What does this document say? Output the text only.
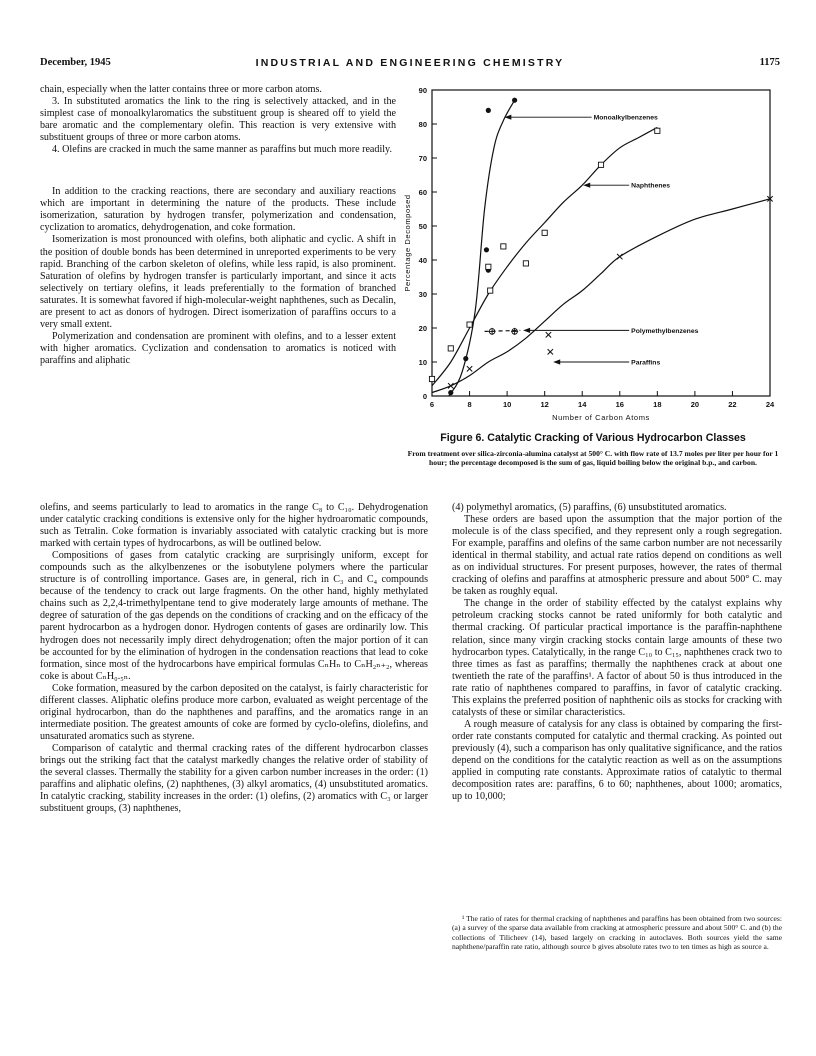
December, 1945	INDUSTRIAL AND ENGINEERING CHEMISTRY	1175

chain, especially when the latter contains three or more carbon atoms.

3. In substituted aromatics the link to the ring is selectively attacked, and in the simplest case of monoalkylaromatics the substituent group is sheared off to yield the bare aromatic and the complementary olefin. This reaction is very extensive with substituent groups of three or more carbon atoms.

4. Olefins are cracked in much the same manner as paraffins but much more readily.

In addition to the cracking reactions, there are secondary and auxiliary reactions which are important in determining the nature of the products. These include isomerization, saturation by hydrogen transfer, polymerization and condensation, cyclization to aromatics, dehydrogenation, and coke formation.

Isomerization is most pronounced with olefins, both aliphatic and cyclic. A shift in the position of double bonds has been determined in unreported experiments to be very rapid. Branching of the carbon skeleton of olefins, while less rapid, is also prominent. Saturation of olefins by hydrogen transfer is particularly important, and since it acts selectively on tertiary olefins, it leads preferentially to the formation of branched saturates. It is somewhat favored if high-molecular-weight naphthenes, such as Decalin, are present to act as donors of hydrogen. Direct isomerization of paraffins occurs to a very small extent.

Polymerization and condensation are prominent with olefins, and to a lesser extent with higher aromatics. Cyclization and condensation to aromatics is noticed with paraffins and aliphatic

6	8	10	12	14	16	18	20	22	24
0
10
20
30
40
50
60
70
80
90
Number of Carbon Atoms
Percentage Decomposed
Monoalkylbenzenes
Naphthenes
Polymethylbenzenes
Paraffins
Figure 6. Catalytic Cracking of Various Hydrocarbon Classes
From treatment over silica-zirconia-alumina catalyst at 500° C. with flow rate of 13.7 moles per liter per hour for 1 hour; the percentage decomposed is the sum of gas, liquid boiling below the original b.p., and carbon.

olefins, and seems particularly to lead to aromatics in the range C₈ to C₁₀. Dehydrogenation under catalytic cracking conditions is extensive only for the higher hydroaromatic compounds, such as Tetralin. Coke formation is invariably associated with catalytic cracking but is more marked with certain types of hydrocarbons, as will be outlined below.

Compositions of gases from catalytic cracking are surprisingly uniform, except for compounds such as the alkylbenzenes or the isobutylene polymers where the particular structure is of controlling importance. Gases are, in general, rich in C₃ and C₄ compounds because of the tendency to crack out large fragments. On the other hand, highly methylated chains such as 2,2,4-trimethylpentane tend to give moderately large amounts of methane. The degree of saturation of the gas depends on the conditions of cracking and on the efficacy of the parent hydrocarbon as a hydrogen donor. Hydrogen contents of gases are ordinarily low. This hydrogen does not necessarily imply direct dehydrogenation; often the major portion of it can be accounted for by the elimination of hydrogen in the condensation reactions that lead to coke formation, since most of the hydrocarbons have empirical formulas CₙHₙ to CₙH₂ₙ₊₂, whereas coke is about CₙH₀.₅ₙ.

Coke formation, measured by the carbon deposited on the catalyst, is fairly characteristic for different classes. Aliphatic olefins produce more carbon, evaluated as weight percentage of the original hydrocarbon, than do the naphthenes and paraffins, and the aromatics range in an intermediate position. The greatest amounts of coke are formed by cyclo-olefins, diolefins, and unsaturated aromatics such as styrene.

Comparison of catalytic and thermal cracking rates of the different hydrocarbon classes brings out the striking fact that the catalyst markedly changes the relative order of stability of the several classes. Thermally the stability for a given carbon number increases in the order: (1) paraffins and aliphatic olefins, (2) naphthenes, (3) alkyl aromatics, (4) unsubstituted aromatics. In catalytic cracking, stability increases in the order: (1) olefins, (2) aromatics with C₃ or larger substituent groups, (3) naphthenes,

(4) polymethyl aromatics, (5) paraffins, (6) unsubstituted aromatics.

These orders are based upon the assumption that the major portion of the molecule is of the class specified, and they represent only a rough segregation. For example, paraffins and olefins of the same carbon number are not necessarily identical in thermal stability, and actual rate ratios depend on conditions as well as on individual structures. For present purposes, however, the rates of thermal cracking of olefins and paraffins at atmospheric pressure and about 500° C. may be taken as roughly equal.

The change in the order of stability effected by the catalyst explains why petroleum cracking stocks cannot be rated uniformly for both catalytic and thermal cracking. Of particular practical importance is the paraffin-naphthene relation, since many virgin cracking stocks contain large amounts of these two hydrocarbon types. Catalytically, in the range C₁₀ to C₁₅, naphthenes crack two to three times as fast as paraffins; thermally the naphthenes crack at about one twentieth the rate of the paraffins¹. A factor of about 50 is thus introduced in the rate ratio of naphthenes compared to paraffins, in favor of catalytic cracking. This explains the preferred position of naphthenic oils as stocks for cracking with catalysts of these or similar characteristics.

A rough measure of catalysis for any class is obtained by comparing the first-order rate constants computed for catalytic and thermal cracking. As pointed out previously (4), such a comparison has only qualitative significance, and the ratios depend on the conditions for the catalytic reaction as well as on the assumptions applied in computing rate constants. Approximate ratios of catalytic to thermal decomposition rates are: paraffins, 6 to 60; naphthenes, about 1000; aromatics, up to 10,000;

¹ The ratio of rates for thermal cracking of naphthenes and paraffins has been obtained from two sources: (a) a survey of the sparse data available from cracking at atmospheric pressure and about 500° C. and (b) the collections of Tilicheev (14), based largely on cracking in autoclaves. Both sources yield the same naphthene/paraffin rate ratio, although source b gives absolute rates two to ten times as high as source a.
